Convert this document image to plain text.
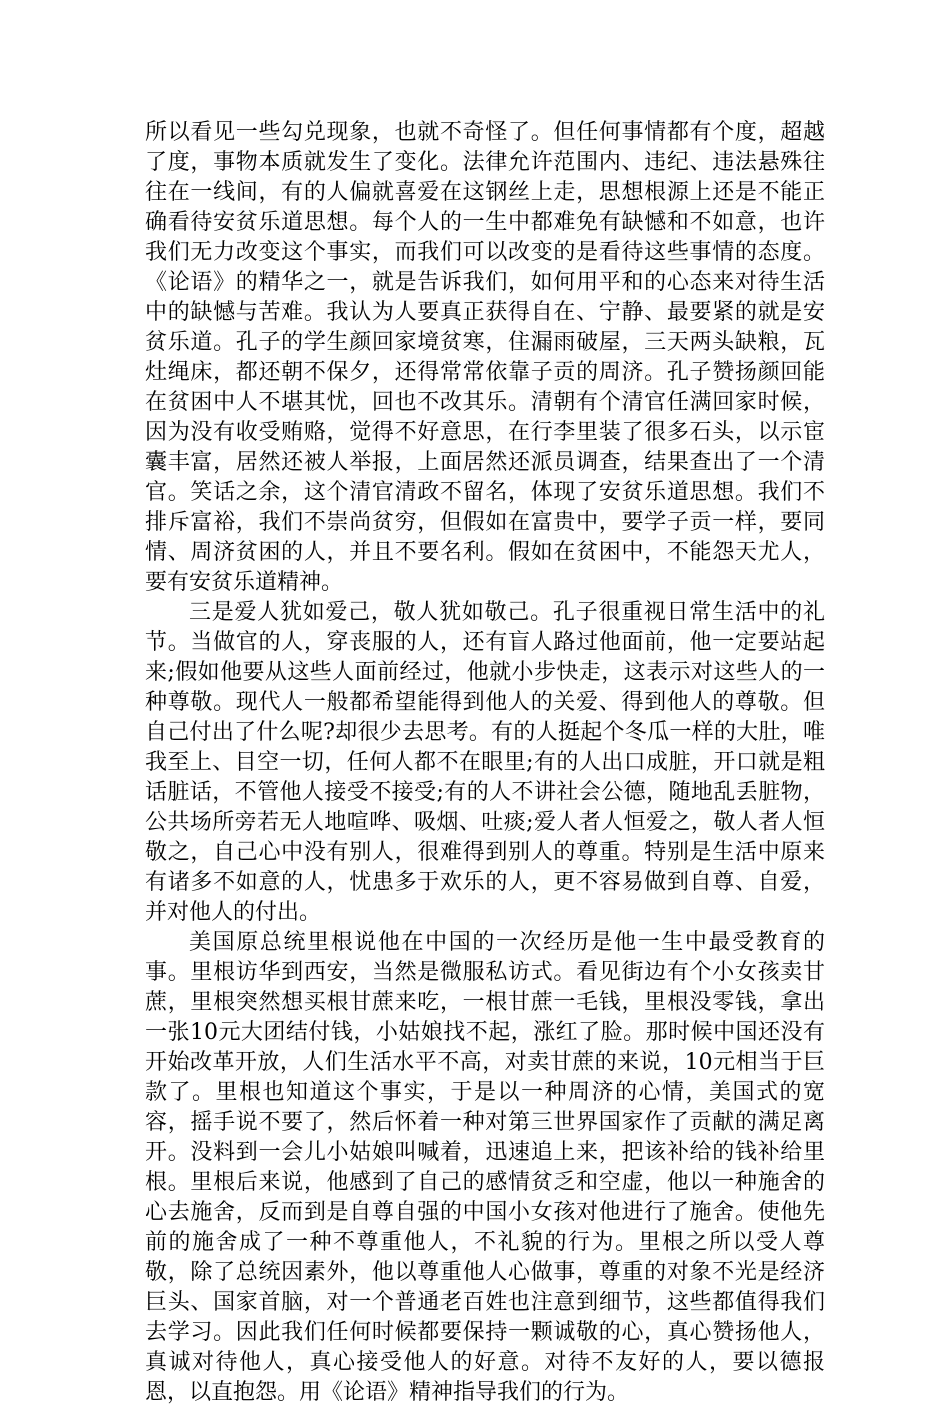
所以看见一些勾兑现象，也就不奇怪了。但任何事情都有个度，超越了度，事物本质就发生了变化。法律允许范围内、违纪、违法悬殊往往在一线间，有的人偏就喜爱在这钢丝上走，思想根源上还是不能正确看待安贫乐道思想。每个人的一生中都难免有缺憾和不如意，也许我们无力改变这个事实，而我们可以改变的是看待这些事情的态度。《论语》的精华之一，就是告诉我们，如何用平和的心态来对待生活中的缺憾与苦难。我认为人要真正获得自在、宁静、最要紧的就是安贫乐道。孔子的学生颜回家境贫寒，住漏雨破屋，三天两头缺粮，瓦灶绳床，都还朝不保夕，还得常常依靠子贡的周济。孔子赞扬颜回能在贫困中人不堪其忧，回也不改其乐。清朝有个清官任满回家时候，因为没有收受贿赂，觉得不好意思，在行李里装了很多石头，以示宦囊丰富，居然还被人举报，上面居然还派员调查，结果查出了一个清官。笑话之余，这个清官清政不留名，体现了安贫乐道思想。我们不排斥富裕，我们不崇尚贫穷，但假如在富贵中，要学子贡一样，要同情、周济贫困的人，并且不要名利。假如在贫困中，不能怨天尤人，要有安贫乐道精神。

三是爱人犹如爱己，敬人犹如敬己。孔子很重视日常生活中的礼节。当做官的人，穿丧服的人，还有盲人路过他面前，他一定要站起来;假如他要从这些人面前经过，他就小步快走，这表示对这些人的一种尊敬。现代人一般都希望能得到他人的关爱、得到他人的尊敬。但自己付出了什么呢?却很少去思考。有的人挺起个冬瓜一样的大肚，唯我至上、目空一切，任何人都不在眼里;有的人出口成脏，开口就是粗话脏话，不管他人接受不接受;有的人不讲社会公德，随地乱丢脏物，公共场所旁若无人地喧哗、吸烟、吐痰;爱人者人恒爱之，敬人者人恒敬之，自己心中没有别人，很难得到别人的尊重。特别是生活中原来有诸多不如意的人，忧患多于欢乐的人，更不容易做到自尊、自爱，并对他人的付出。

美国原总统里根说他在中国的一次经历是他一生中最受教育的事。里根访华到西安，当然是微服私访式。看见街边有个小女孩卖甘蔗，里根突然想买根甘蔗来吃，一根甘蔗一毛钱，里根没零钱，拿出一张10元大团结付钱，小姑娘找不起，涨红了脸。那时候中国还没有开始改革开放，人们生活水平不高，对卖甘蔗的来说，10元相当于巨款了。里根也知道这个事实，于是以一种周济的心情，美国式的宽容，摇手说不要了，然后怀着一种对第三世界国家作了贡献的满足离开。没料到一会儿小姑娘叫喊着，迅速追上来，把该补给的钱补给里根。里根后来说，他感到了自己的感情贫乏和空虚，他以一种施舍的心去施舍，反而到是自尊自强的中国小女孩对他进行了施舍。使他先前的施舍成了一种不尊重他人，不礼貌的行为。里根之所以受人尊敬，除了总统因素外，他以尊重他人心做事，尊重的对象不光是经济巨头、国家首脑，对一个普通老百姓也注意到细节，这些都值得我们去学习。因此我们任何时候都要保持一颗诚敬的心，真心赞扬他人，真诚对待他人，真心接受他人的好意。对待不友好的人，要以德报恩，以直抱怨。用《论语》精神指导我们的行为。
